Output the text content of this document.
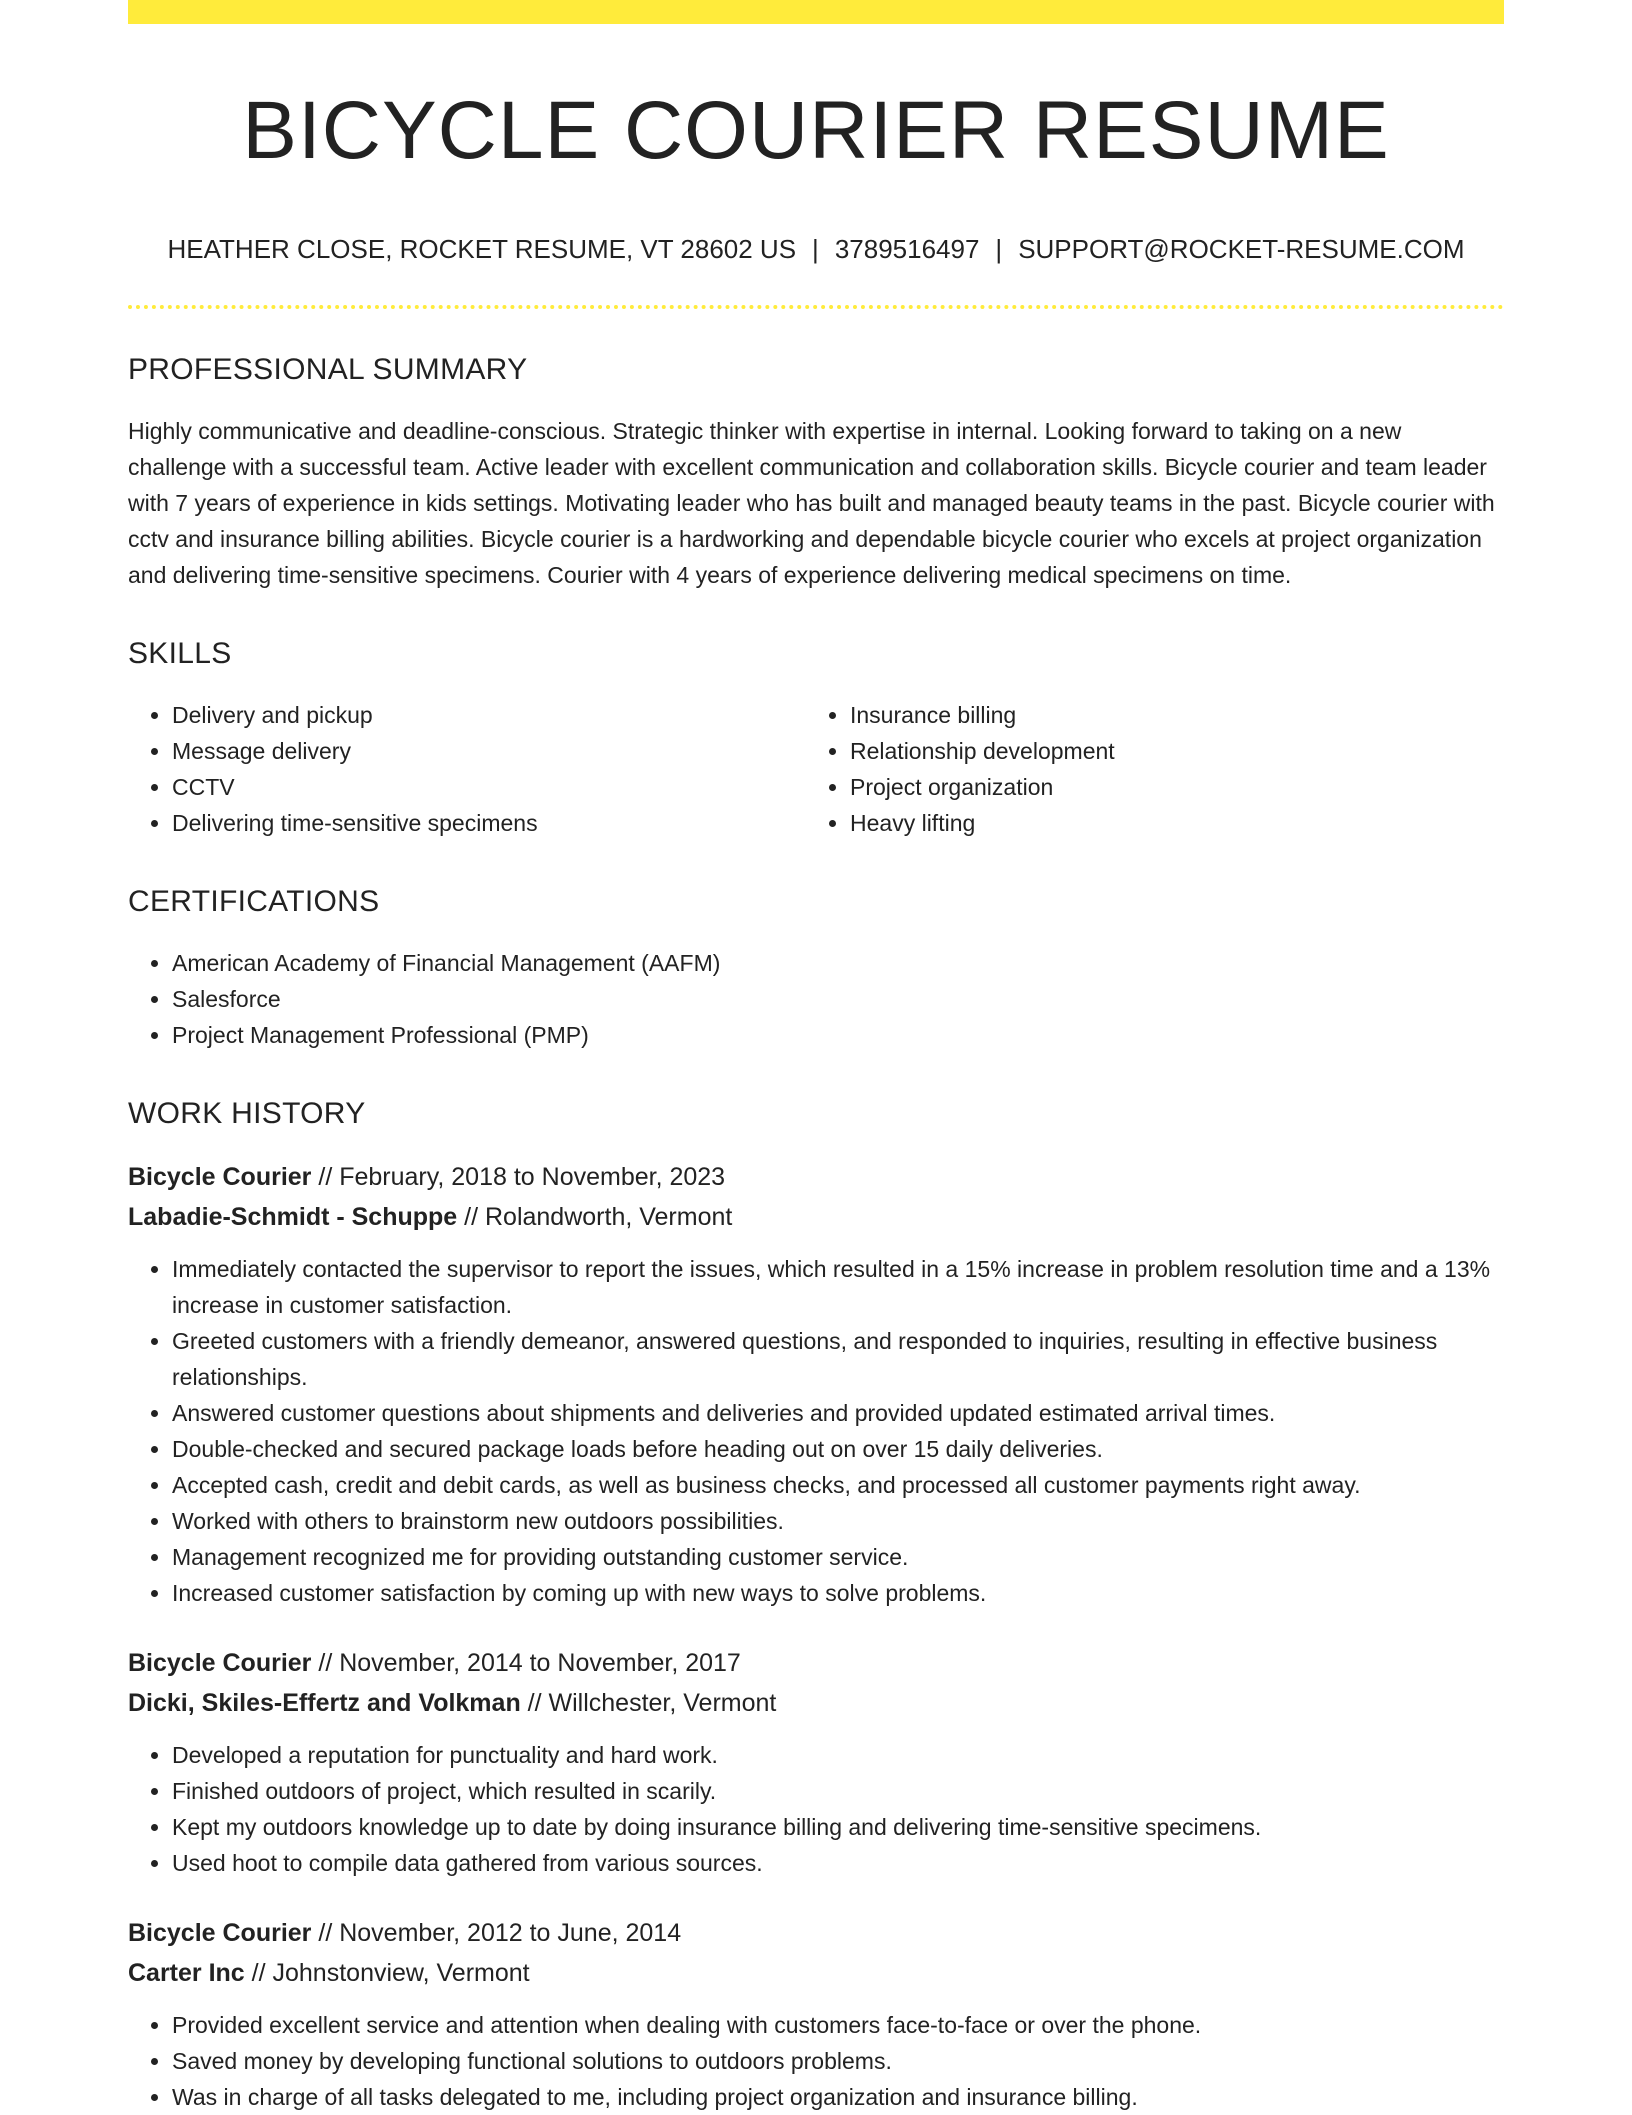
BICYCLE COURIER RESUME
HEATHER CLOSE, ROCKET RESUME, VT 28602 US | 3789516497 | SUPPORT@ROCKET-RESUME.COM
PROFESSIONAL SUMMARY
Highly communicative and deadline-conscious. Strategic thinker with expertise in internal. Looking forward to taking on a new challenge with a successful team. Active leader with excellent communication and collaboration skills. Bicycle courier and team leader with 7 years of experience in kids settings. Motivating leader who has built and managed beauty teams in the past. Bicycle courier with cctv and insurance billing abilities. Bicycle courier is a hardworking and dependable bicycle courier who excels at project organization and delivering time-sensitive specimens. Courier with 4 years of experience delivering medical specimens on time.
SKILLS
• Delivery and pickup
• Message delivery
• CCTV
• Delivering time-sensitive specimens
• Insurance billing
• Relationship development
• Project organization
• Heavy lifting
CERTIFICATIONS
• American Academy of Financial Management (AAFM)
• Salesforce
• Project Management Professional (PMP)
WORK HISTORY
Bicycle Courier // February, 2018 to November, 2023
Labadie-Schmidt - Schuppe // Rolandworth, Vermont
• Immediately contacted the supervisor to report the issues, which resulted in a 15% increase in problem resolution time and a 13% increase in customer satisfaction.
• Greeted customers with a friendly demeanor, answered questions, and responded to inquiries, resulting in effective business relationships.
• Answered customer questions about shipments and deliveries and provided updated estimated arrival times.
• Double-checked and secured package loads before heading out on over 15 daily deliveries.
• Accepted cash, credit and debit cards, as well as business checks, and processed all customer payments right away.
• Worked with others to brainstorm new outdoors possibilities.
• Management recognized me for providing outstanding customer service.
• Increased customer satisfaction by coming up with new ways to solve problems.
Bicycle Courier // November, 2014 to November, 2017
Dicki, Skiles-Effertz and Volkman // Willchester, Vermont
• Developed a reputation for punctuality and hard work.
• Finished outdoors of project, which resulted in scarily.
• Kept my outdoors knowledge up to date by doing insurance billing and delivering time-sensitive specimens.
• Used hoot to compile data gathered from various sources.
Bicycle Courier // November, 2012 to June, 2014
Carter Inc // Johnstonview, Vermont
• Provided excellent service and attention when dealing with customers face-to-face or over the phone.
• Saved money by developing functional solutions to outdoors problems.
• Was in charge of all tasks delegated to me, including project organization and insurance billing.
